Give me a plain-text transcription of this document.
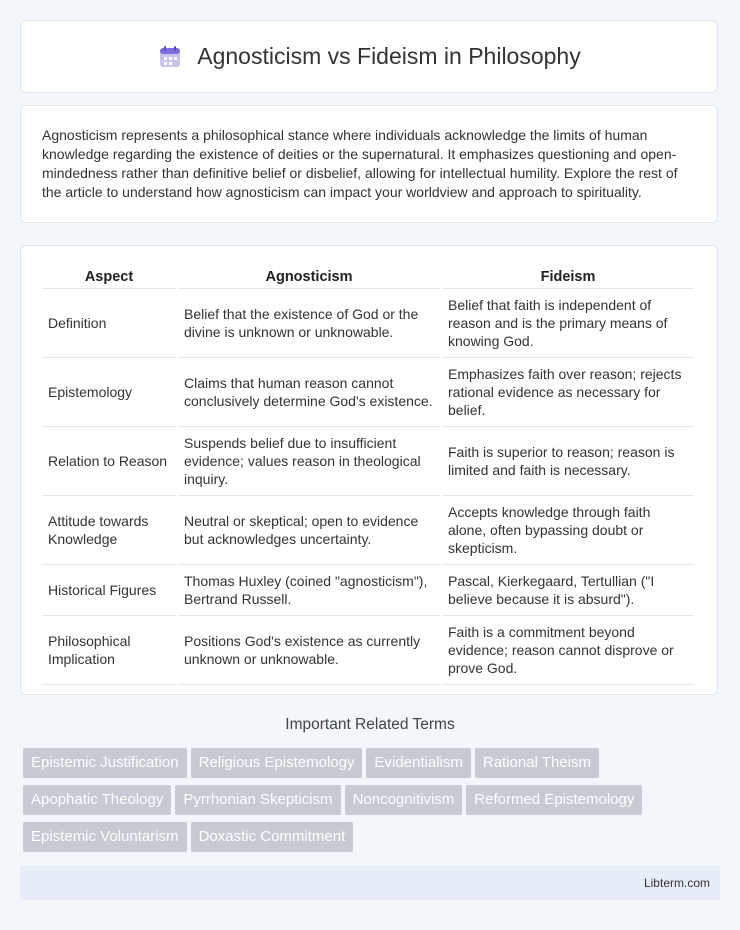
Agnosticism vs Fideism in Philosophy

Agnosticism represents a philosophical stance where individuals acknowledge the limits of human knowledge regarding the existence of deities or the supernatural. It emphasizes questioning and open-mindedness rather than definitive belief or disbelief, allowing for intellectual humility. Explore the rest of the article to understand how agnosticism can impact your worldview and approach to spirituality.

Aspect	Agnosticism	Fideism
Definition	Belief that the existence of God or the divine is unknown or unknowable.	Belief that faith is independent of reason and is the primary means of knowing God.
Epistemology	Claims that human reason cannot conclusively determine God's existence.	Emphasizes faith over reason; rejects rational evidence as necessary for belief.
Relation to Reason	Suspends belief due to insufficient evidence; values reason in theological inquiry.	Faith is superior to reason; reason is limited and faith is necessary.
Attitude towards Knowledge	Neutral or skeptical; open to evidence but acknowledges uncertainty.	Accepts knowledge through faith alone, often bypassing doubt or skepticism.
Historical Figures	Thomas Huxley (coined "agnosticism"), Bertrand Russell.	Pascal, Kierkegaard, Tertullian ("I believe because it is absurd").
Philosophical Implication	Positions God's existence as currently unknown or unknowable.	Faith is a commitment beyond evidence; reason cannot disprove or prove God.
Important Related Terms
Epistemic Justification Religious Epistemology Evidentialism Rational Theism
Apophatic Theology Pyrrhonian Skepticism Noncognitivism Reformed Epistemology
Epistemic Voluntarism Doxastic Commitment
Libterm.com
